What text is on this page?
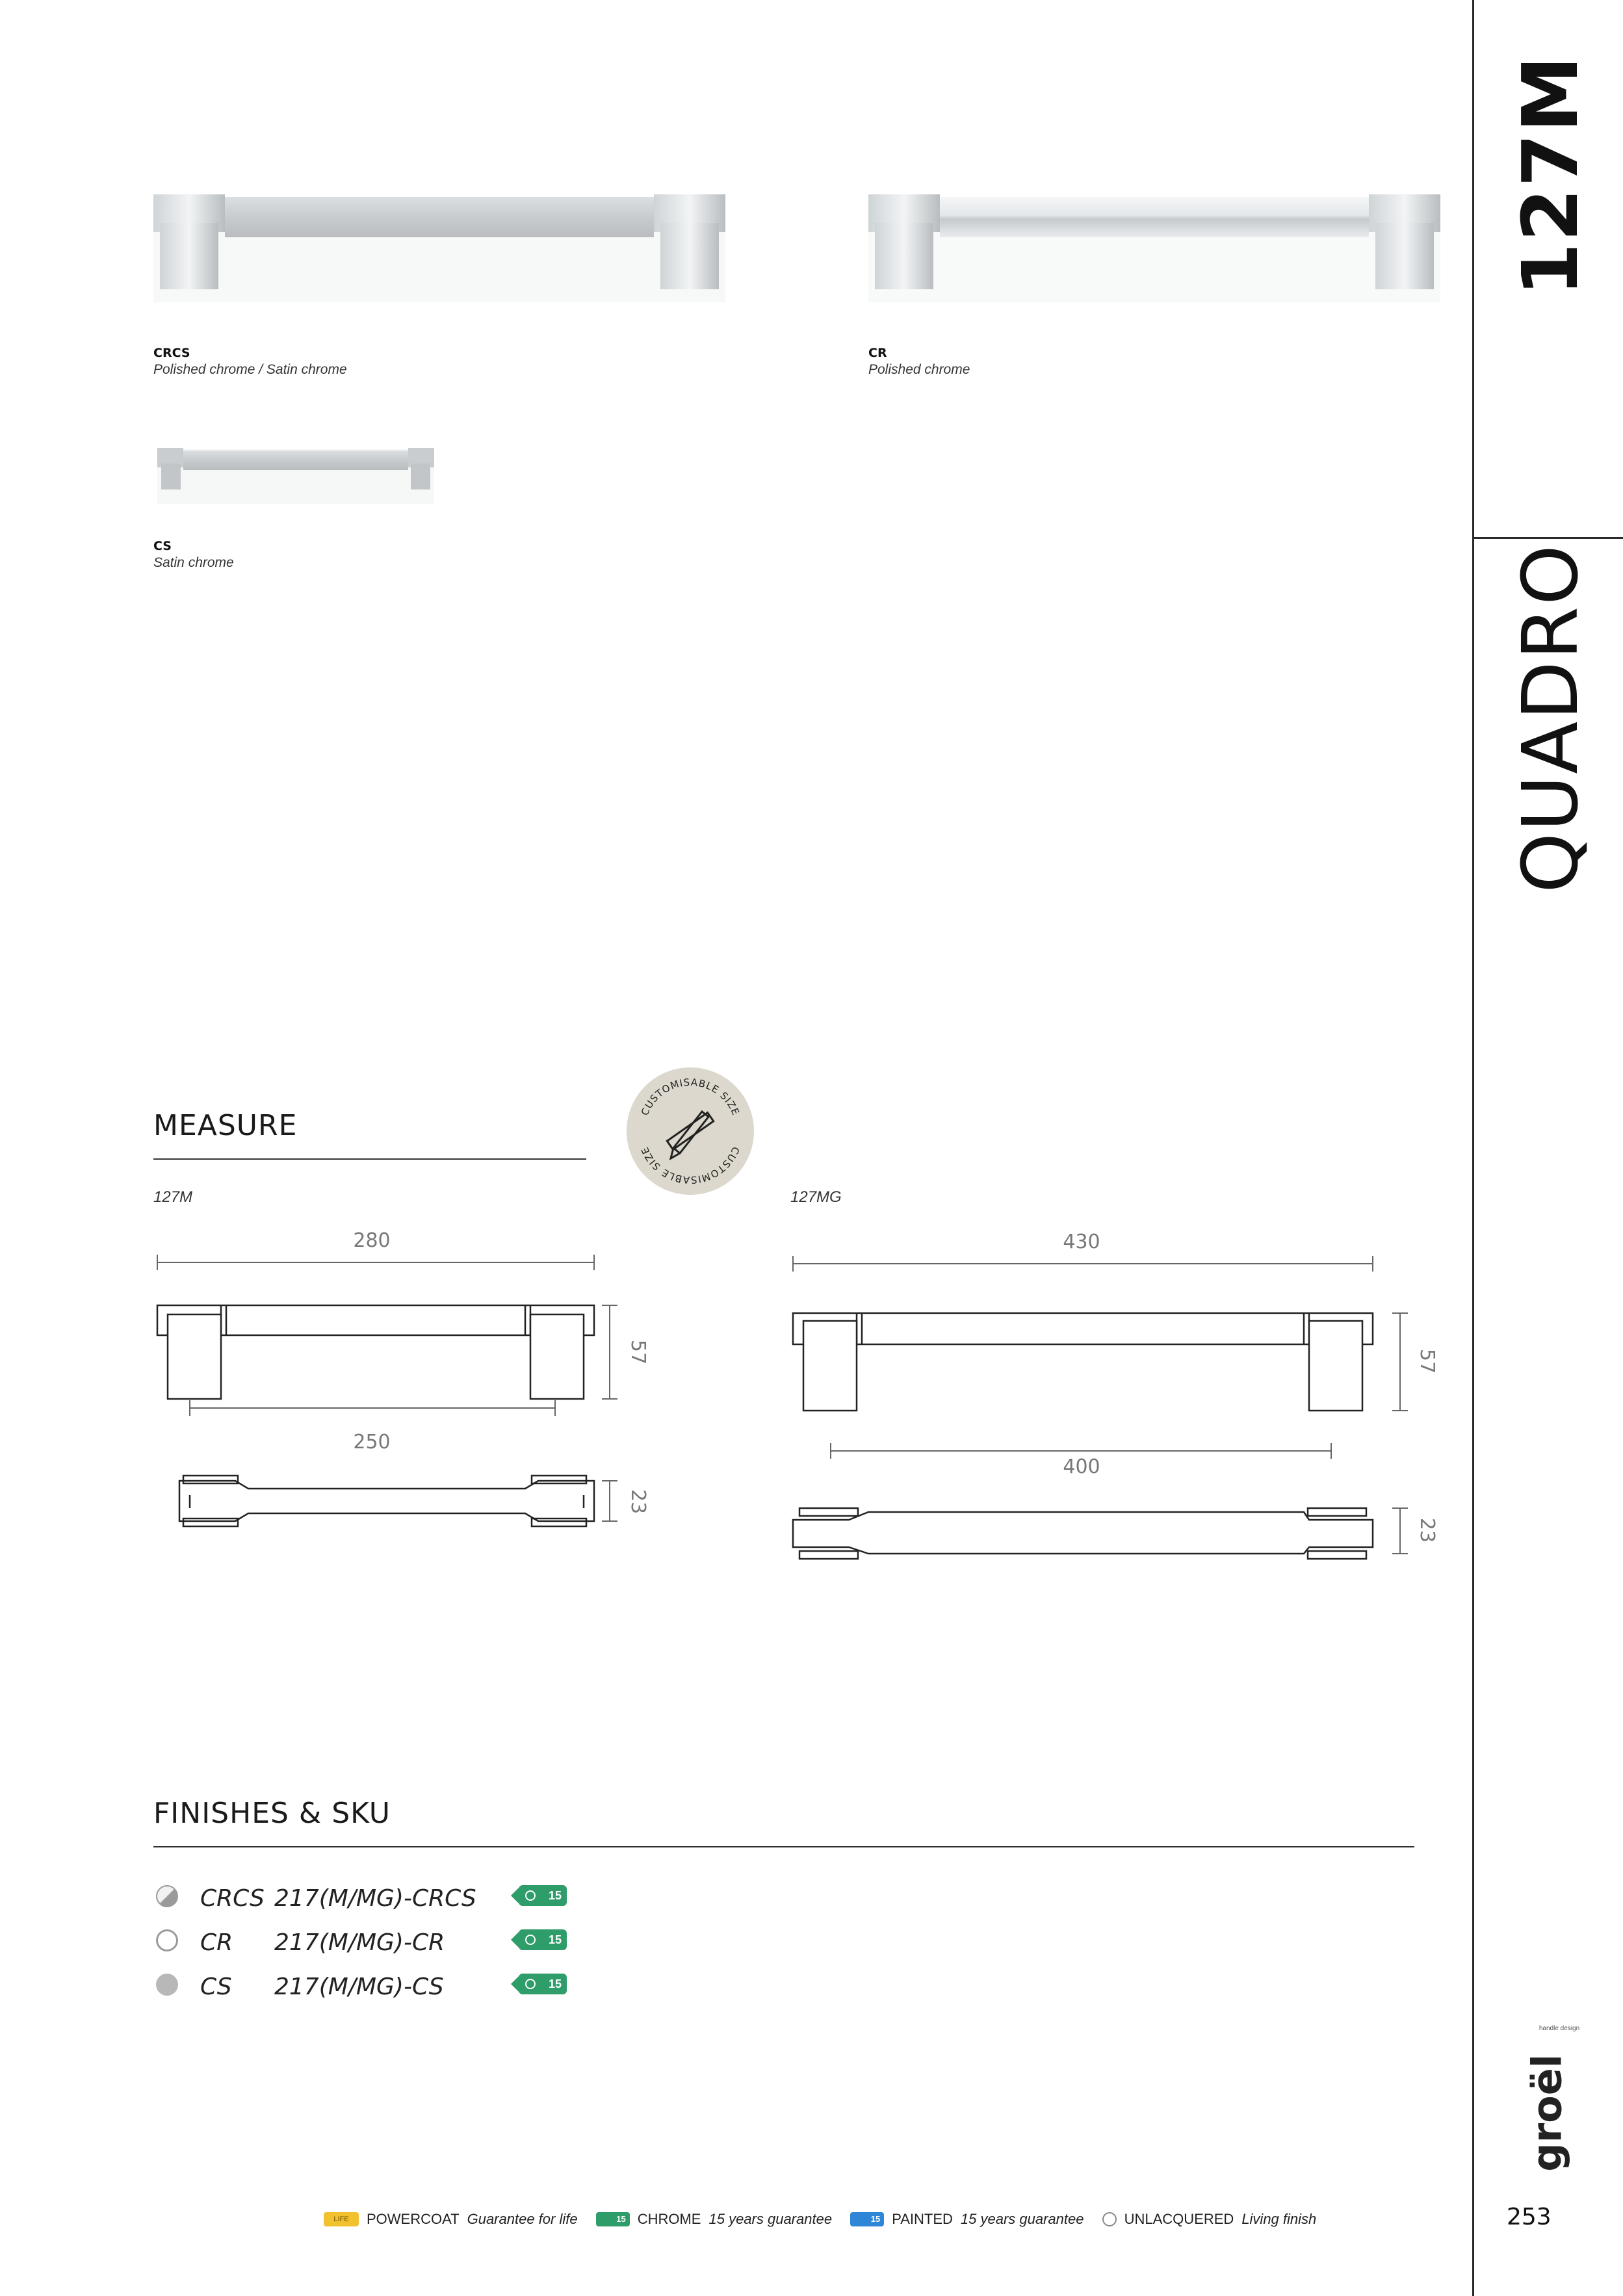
127M
QUADRO
groël handle design
253
CRCS
Polished chrome / Satin chrome
CR
Polished chrome
CS
Satin chrome
MEASURE	CUSTOMISABLE SIZE
CUSTOMISABLE SIZE
127M	127MG
280
250
57
23
430
400
57
23
FINISHES & SKU
CRCS 217(M/MG)-CRCS	15
CR 217(M/MG)-CR	15
CS 217(M/MG)-CS	15
LIFE POWERCOAT Guarantee for life	15 CHROME 15 years guarantee	15 PAINTED 15 years guarantee	UNLACQUERED Living finish
